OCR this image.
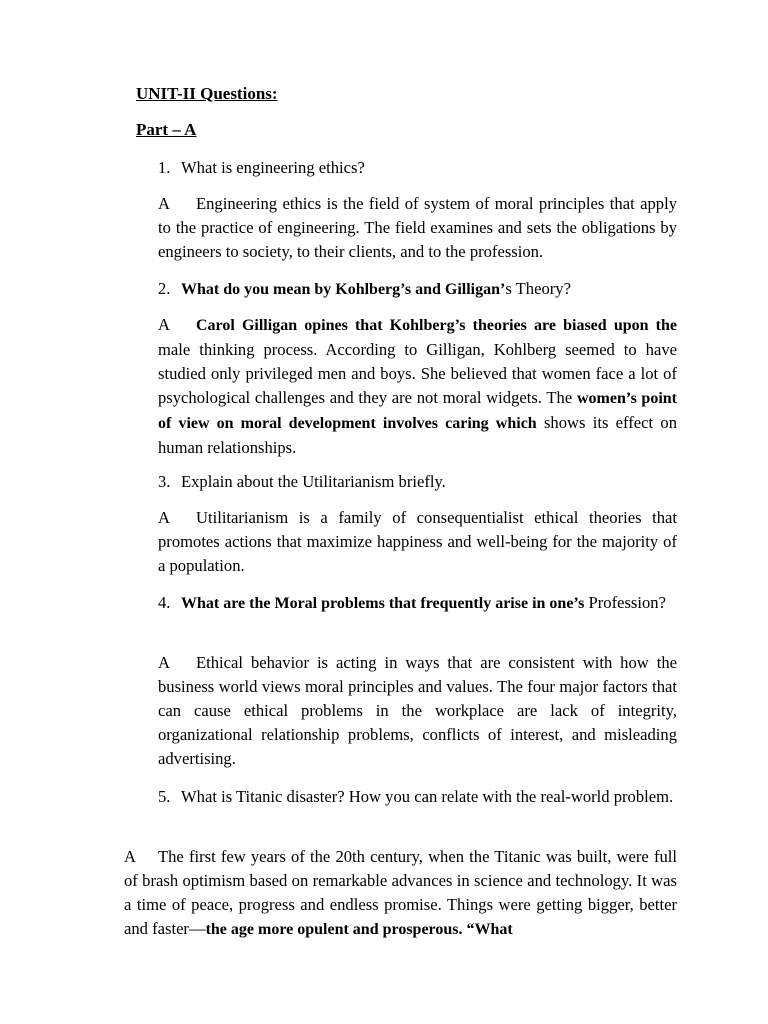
UNIT-II Questions:
Part – A
1. What is engineering ethics?
A Engineering ethics is the field of system of moral principles that apply to the practice of engineering. The field examines and sets the obligations by engineers to society, to their clients, and to the profession.
2. What do you mean by Kohlberg’s and Gilligan’s Theory?
A Carol Gilligan opines that Kohlberg’s theories are biased upon the male thinking process. According to Gilligan, Kohlberg seemed to have studied only privileged men and boys. She believed that women face a lot of psychological challenges and they are not moral widgets. The women’s point of view on moral development involves caring which shows its effect on human relationships.
3. Explain about the Utilitarianism briefly.
A Utilitarianism is a family of consequentialist ethical theories that promotes actions that maximize happiness and well-being for the majority of a population.
4. What are the Moral problems that frequently arise in one’s Profession?
A Ethical behavior is acting in ways that are consistent with how the business world views moral principles and values. The four major factors that can cause ethical problems in the workplace are lack of integrity, organizational relationship problems, conflicts of interest, and misleading advertising.
5. What is Titanic disaster? How you can relate with the real-world problem.
A The first few years of the 20th century, when the Titanic was built, were full of brash optimism based on remarkable advances in science and technology. It was a time of peace, progress and endless promise. Things were getting bigger, better and faster—the age more opulent and prosperous. “What
